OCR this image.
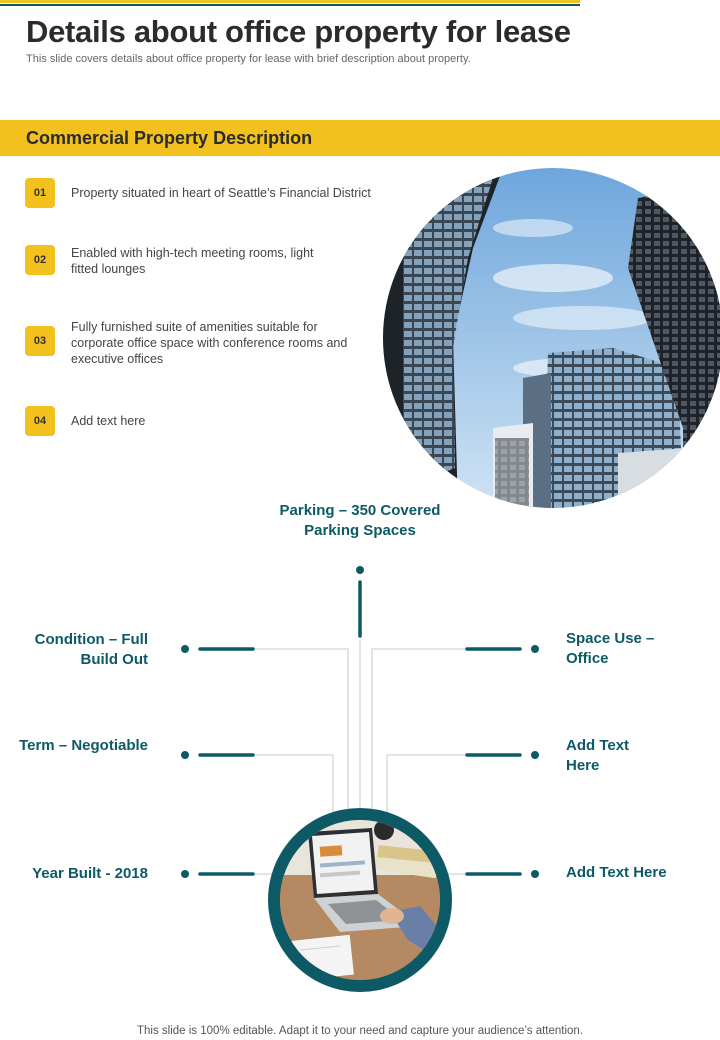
Details about office property for lease
This slide covers details about office property for lease with brief description about property.
Commercial Property Description
01	Property situated in heart of Seattle’s Financial District
02	Enabled with high-tech meeting rooms, light fitted lounges
03
Fully furnished suite of amenities suitable for corporate office space with conference rooms and executive offices
04	Add text here
Parking – 350 Covered Parking Spaces
Condition – Full Build Out
Term – Negotiable
Year Built - 2018
Space Use – Office
Add Text Here
Add Text Here
This slide is 100% editable. Adapt it to your need and capture your audience’s attention.
